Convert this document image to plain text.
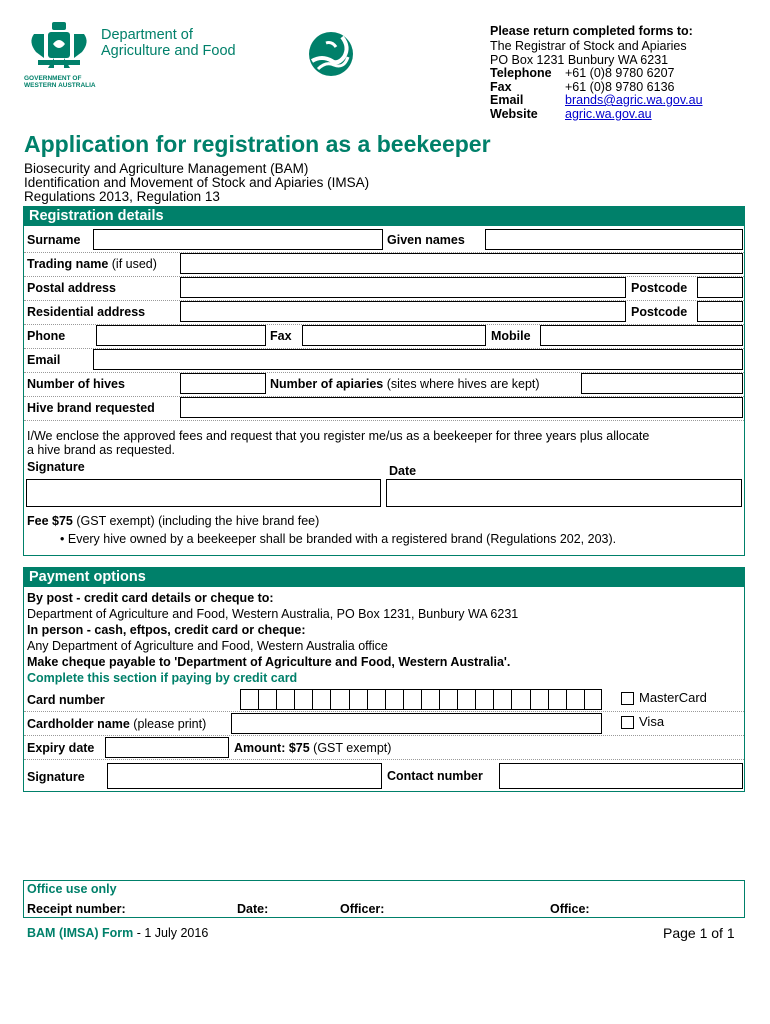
GOVERNMENT OF
WESTERN AUSTRALIA
Department of
Agriculture and Food
Please return completed forms to:
The Registrar of Stock and Apiaries
PO Box 1231 Bunbury WA 6231
Telephone +61 (0)8 9780 6207
Fax	+61 (0)8 9780 6136
Email	brands@agric.wa.gov.au
Website agric.wa.gov.au
Application for registration as a beekeeper
Biosecurity and Agriculture Management (BAM)
Identification and Movement of Stock and Apiaries (IMSA)
Regulations 2013, Regulation 13
Registration details
Surname	Given names
Trading name (if used)
Postal address	Postcode
Residential address	Postcode
Phone	Fax	Mobile
Email
Number of hives	Number of apiaries (sites where hives are kept)
Hive brand requested
I/We enclose the approved fees and request that you register me/us as a beekeeper for three years plus allocate
a hive brand as requested.
Signature	Date
Fee $75 (GST exempt) (including the hive brand fee)
• Every hive owned by a beekeeper shall be branded with a registered brand (Regulations 202, 203).
Payment options
By post - credit card details or cheque to:
Department of Agriculture and Food, Western Australia, PO Box 1231, Bunbury WA 6231
In person - cash, eftpos, credit card or cheque:
Any Department of Agriculture and Food, Western Australia office
Make cheque payable to 'Department of Agriculture and Food, Western Australia'.
Complete this section if paying by credit card
Card number	MasterCard
Cardholder name (please print)	Visa
Expiry date	Amount: $75 (GST exempt)
Signature	Contact number
Office use only
Receipt number:	Date:	Officer:	Office:
BAM (IMSA) Form - 1 July 2016	Page 1 of 1
